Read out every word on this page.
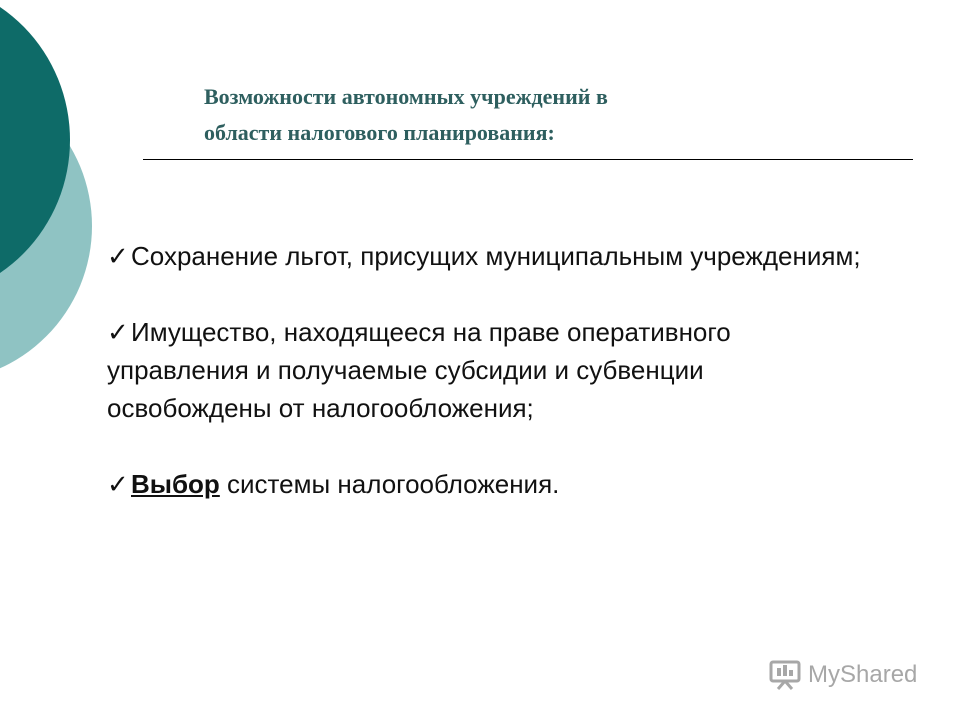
Возможности автономных учреждений в
области налогового планирования:
✓Сохранение льгот, присущих муниципальным учреждениям;
✓Имущество, находящееся на праве оперативного управления и получаемые субсидии и субвенции освобождены от налогообложения;
✓Выбор системы налогообложения.
MyShared
